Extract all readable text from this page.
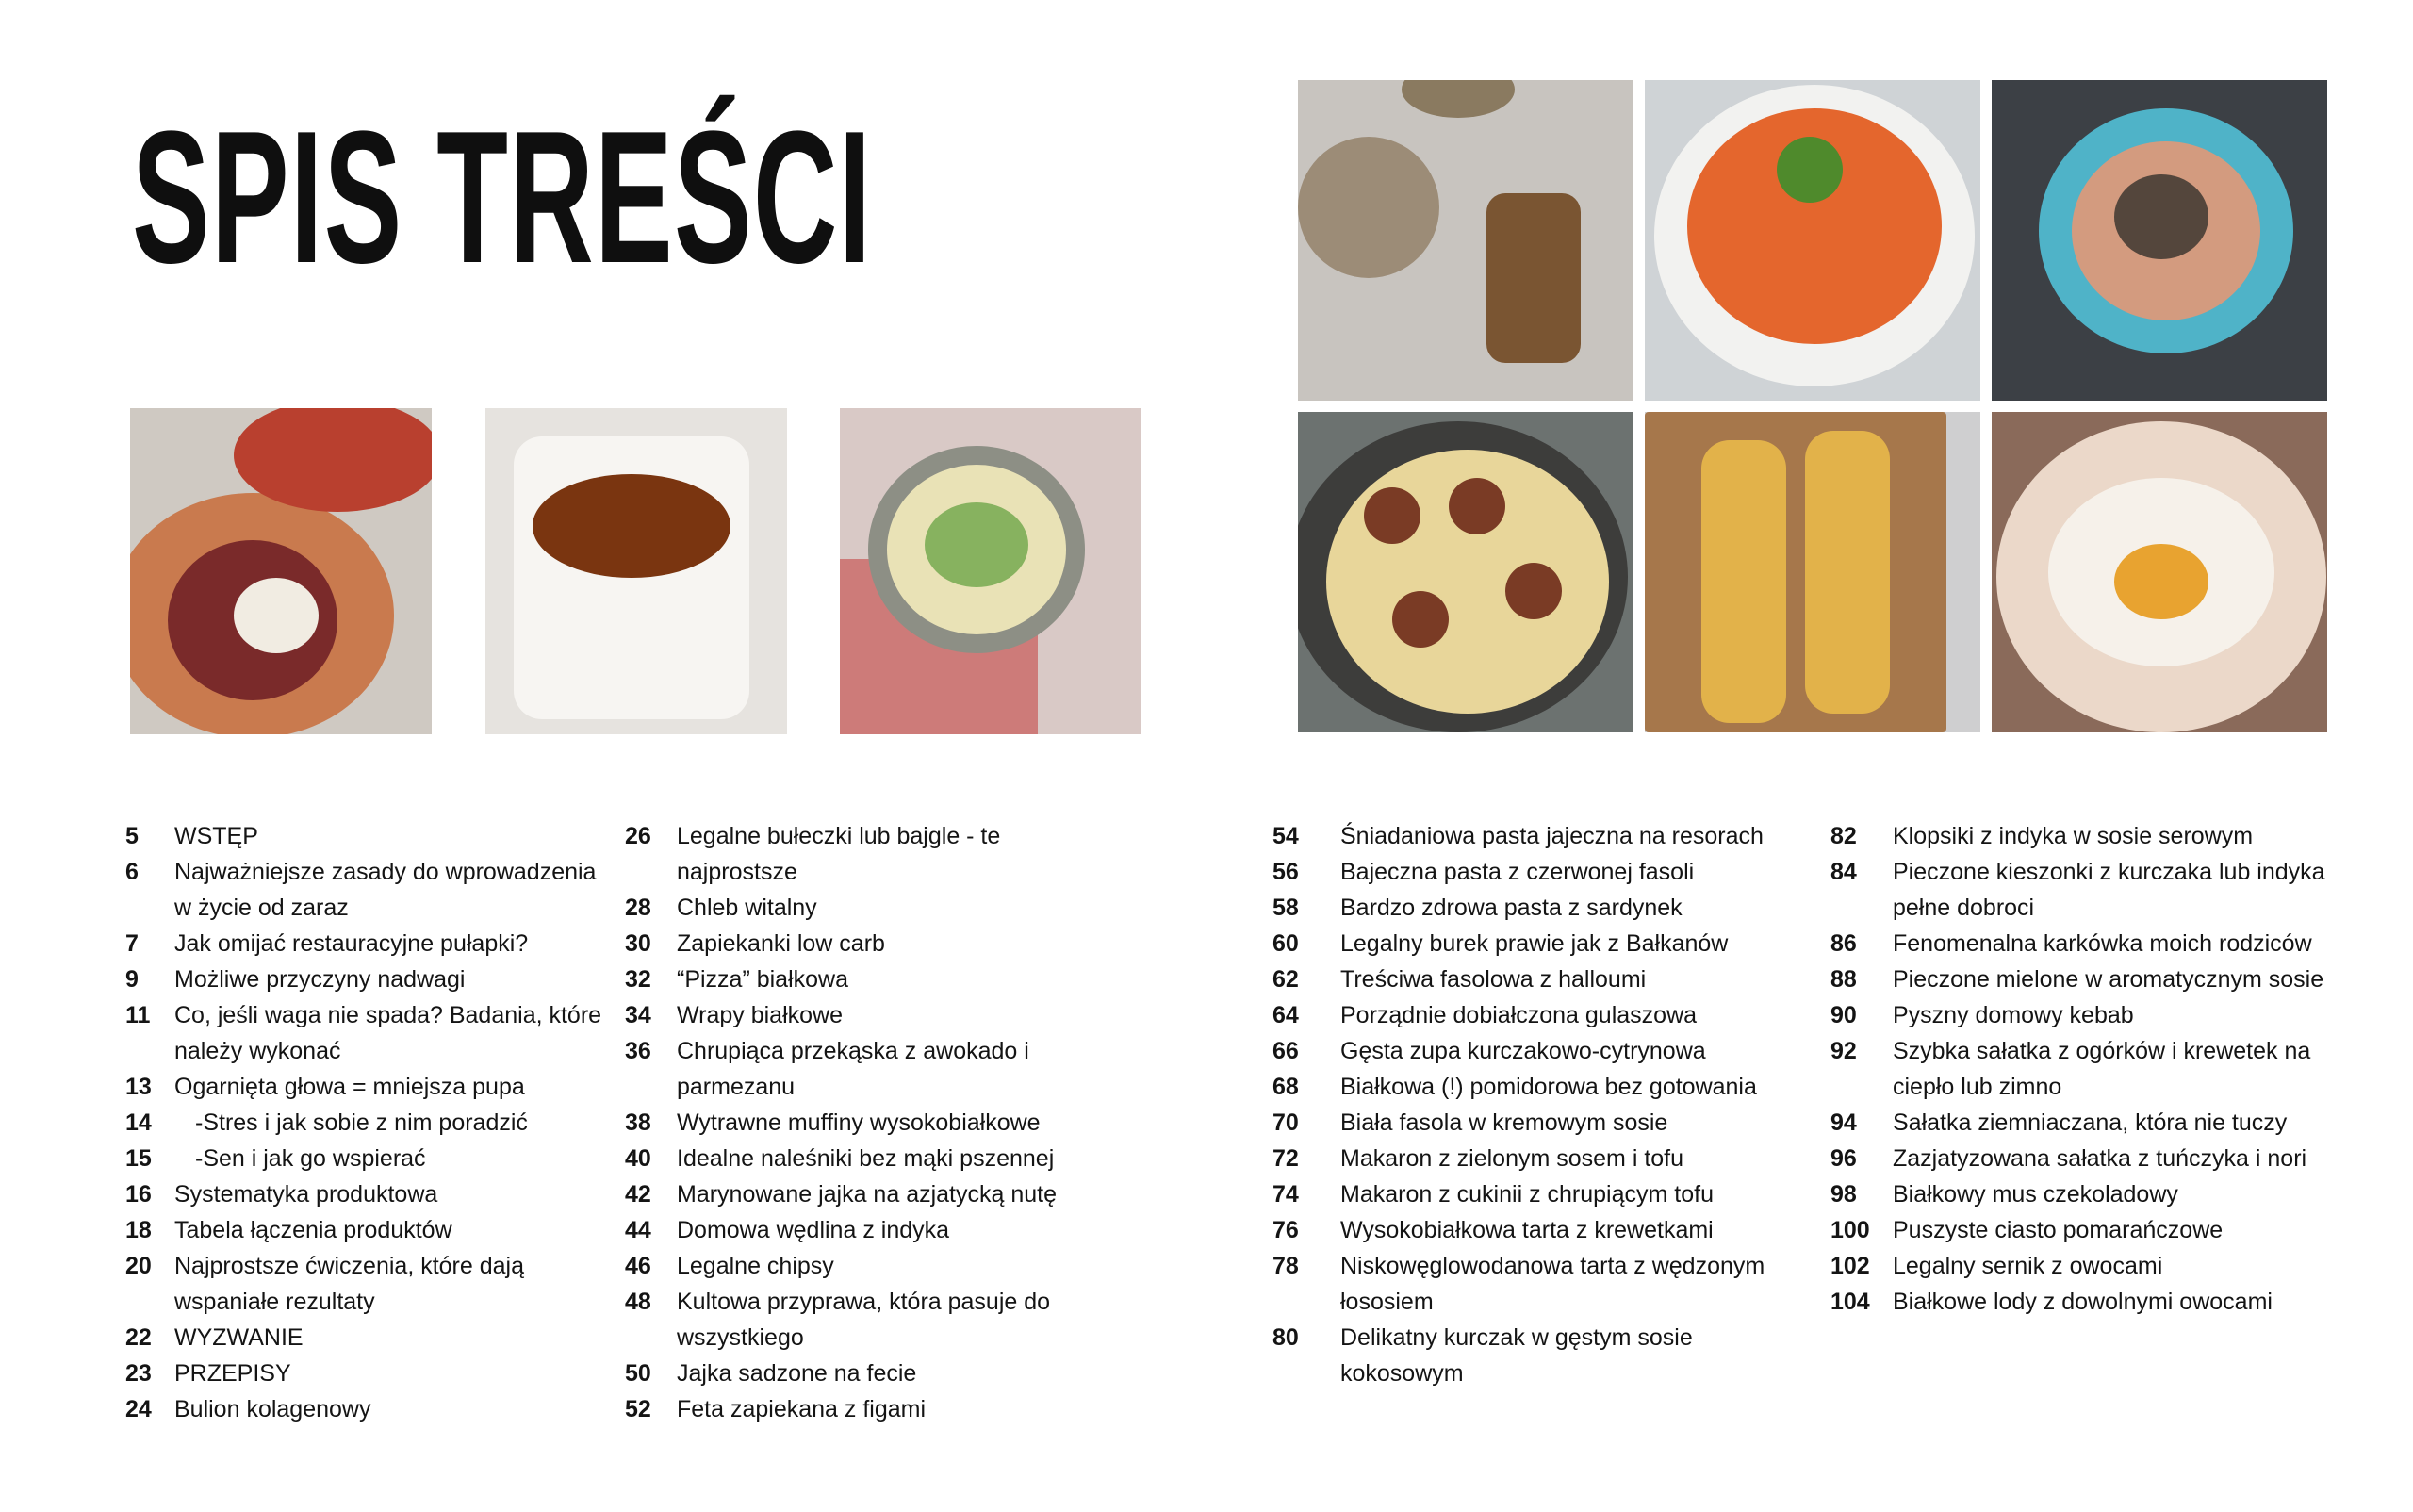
SPIS TREŚCI
5	WSTĘP
6	Najważniejsze zasady do wprowadzenia w życie od zaraz
7	Jak omijać restauracyjne pułapki?
9	Możliwe przyczyny nadwagi
11	Co, jeśli waga nie spada? Badania, które należy wykonać
13 Ogarnięta głowa = mniejsza pupa
14	-Stres i jak sobie z nim poradzić
15	-Sen i jak go wspierać
16 Systematyka produktowa
18 Tabela łączenia produktów
20 Najprostsze ćwiczenia, które dają wspaniałe rezultaty
22 WYZWANIE
23 PRZEPISY
24 Bulion kolagenowy
26	Legalne bułeczki lub bajgle - te najprostsze
28	Chleb witalny
30	Zapiekanki low carb
32	“Pizza” białkowa
34	Wrapy białkowe
36	Chrupiąca przekąska z awokado i parmezanu
38	Wytrawne muffiny wysokobiałkowe
40	Idealne naleśniki bez mąki pszennej
42	Marynowane jajka na azjatycką nutę
44	Domowa wędlina z indyka
46	Legalne chipsy
48	Kultowa przyprawa, która pasuje do wszystkiego
50	Jajka sadzone na fecie
52	Feta zapiekana z figami
54	Śniadaniowa pasta jajeczna na resorach
56	Bajeczna pasta z czerwonej fasoli
58	Bardzo zdrowa pasta z sardynek
60	Legalny burek prawie jak z Bałkanów
62	Treściwa fasolowa z halloumi
64	Porządnie dobiałczona gulaszowa
66	Gęsta zupa kurczakowo-cytrynowa
68	Białkowa (!) pomidorowa bez gotowania
70	Biała fasola w kremowym sosie
72	Makaron z zielonym sosem i tofu
74	Makaron z cukinii z chrupiącym tofu
76	Wysokobiałkowa tarta z krewetkami
78	Niskowęglowodanowa tarta z wędzonym łososiem
80	Delikatny kurczak w gęstym sosie kokosowym
82	Klopsiki z indyka w sosie serowym
84	Pieczone kieszonki z kurczaka lub indyka pełne dobroci
86	Fenomenalna karkówka moich rodziców
88	Pieczone mielone w aromatycznym sosie
90	Pyszny domowy kebab
92	Szybka sałatka z ogórków i krewetek na ciepło lub zimno
94	Sałatka ziemniaczana, która nie tuczy
96	Zazjatyzowana sałatka z tuńczyka i nori
98	Białkowy mus czekoladowy
100 Puszyste ciasto pomarańczowe
102 Legalny sernik z owocami
104 Białkowe lody z dowolnymi owocami
